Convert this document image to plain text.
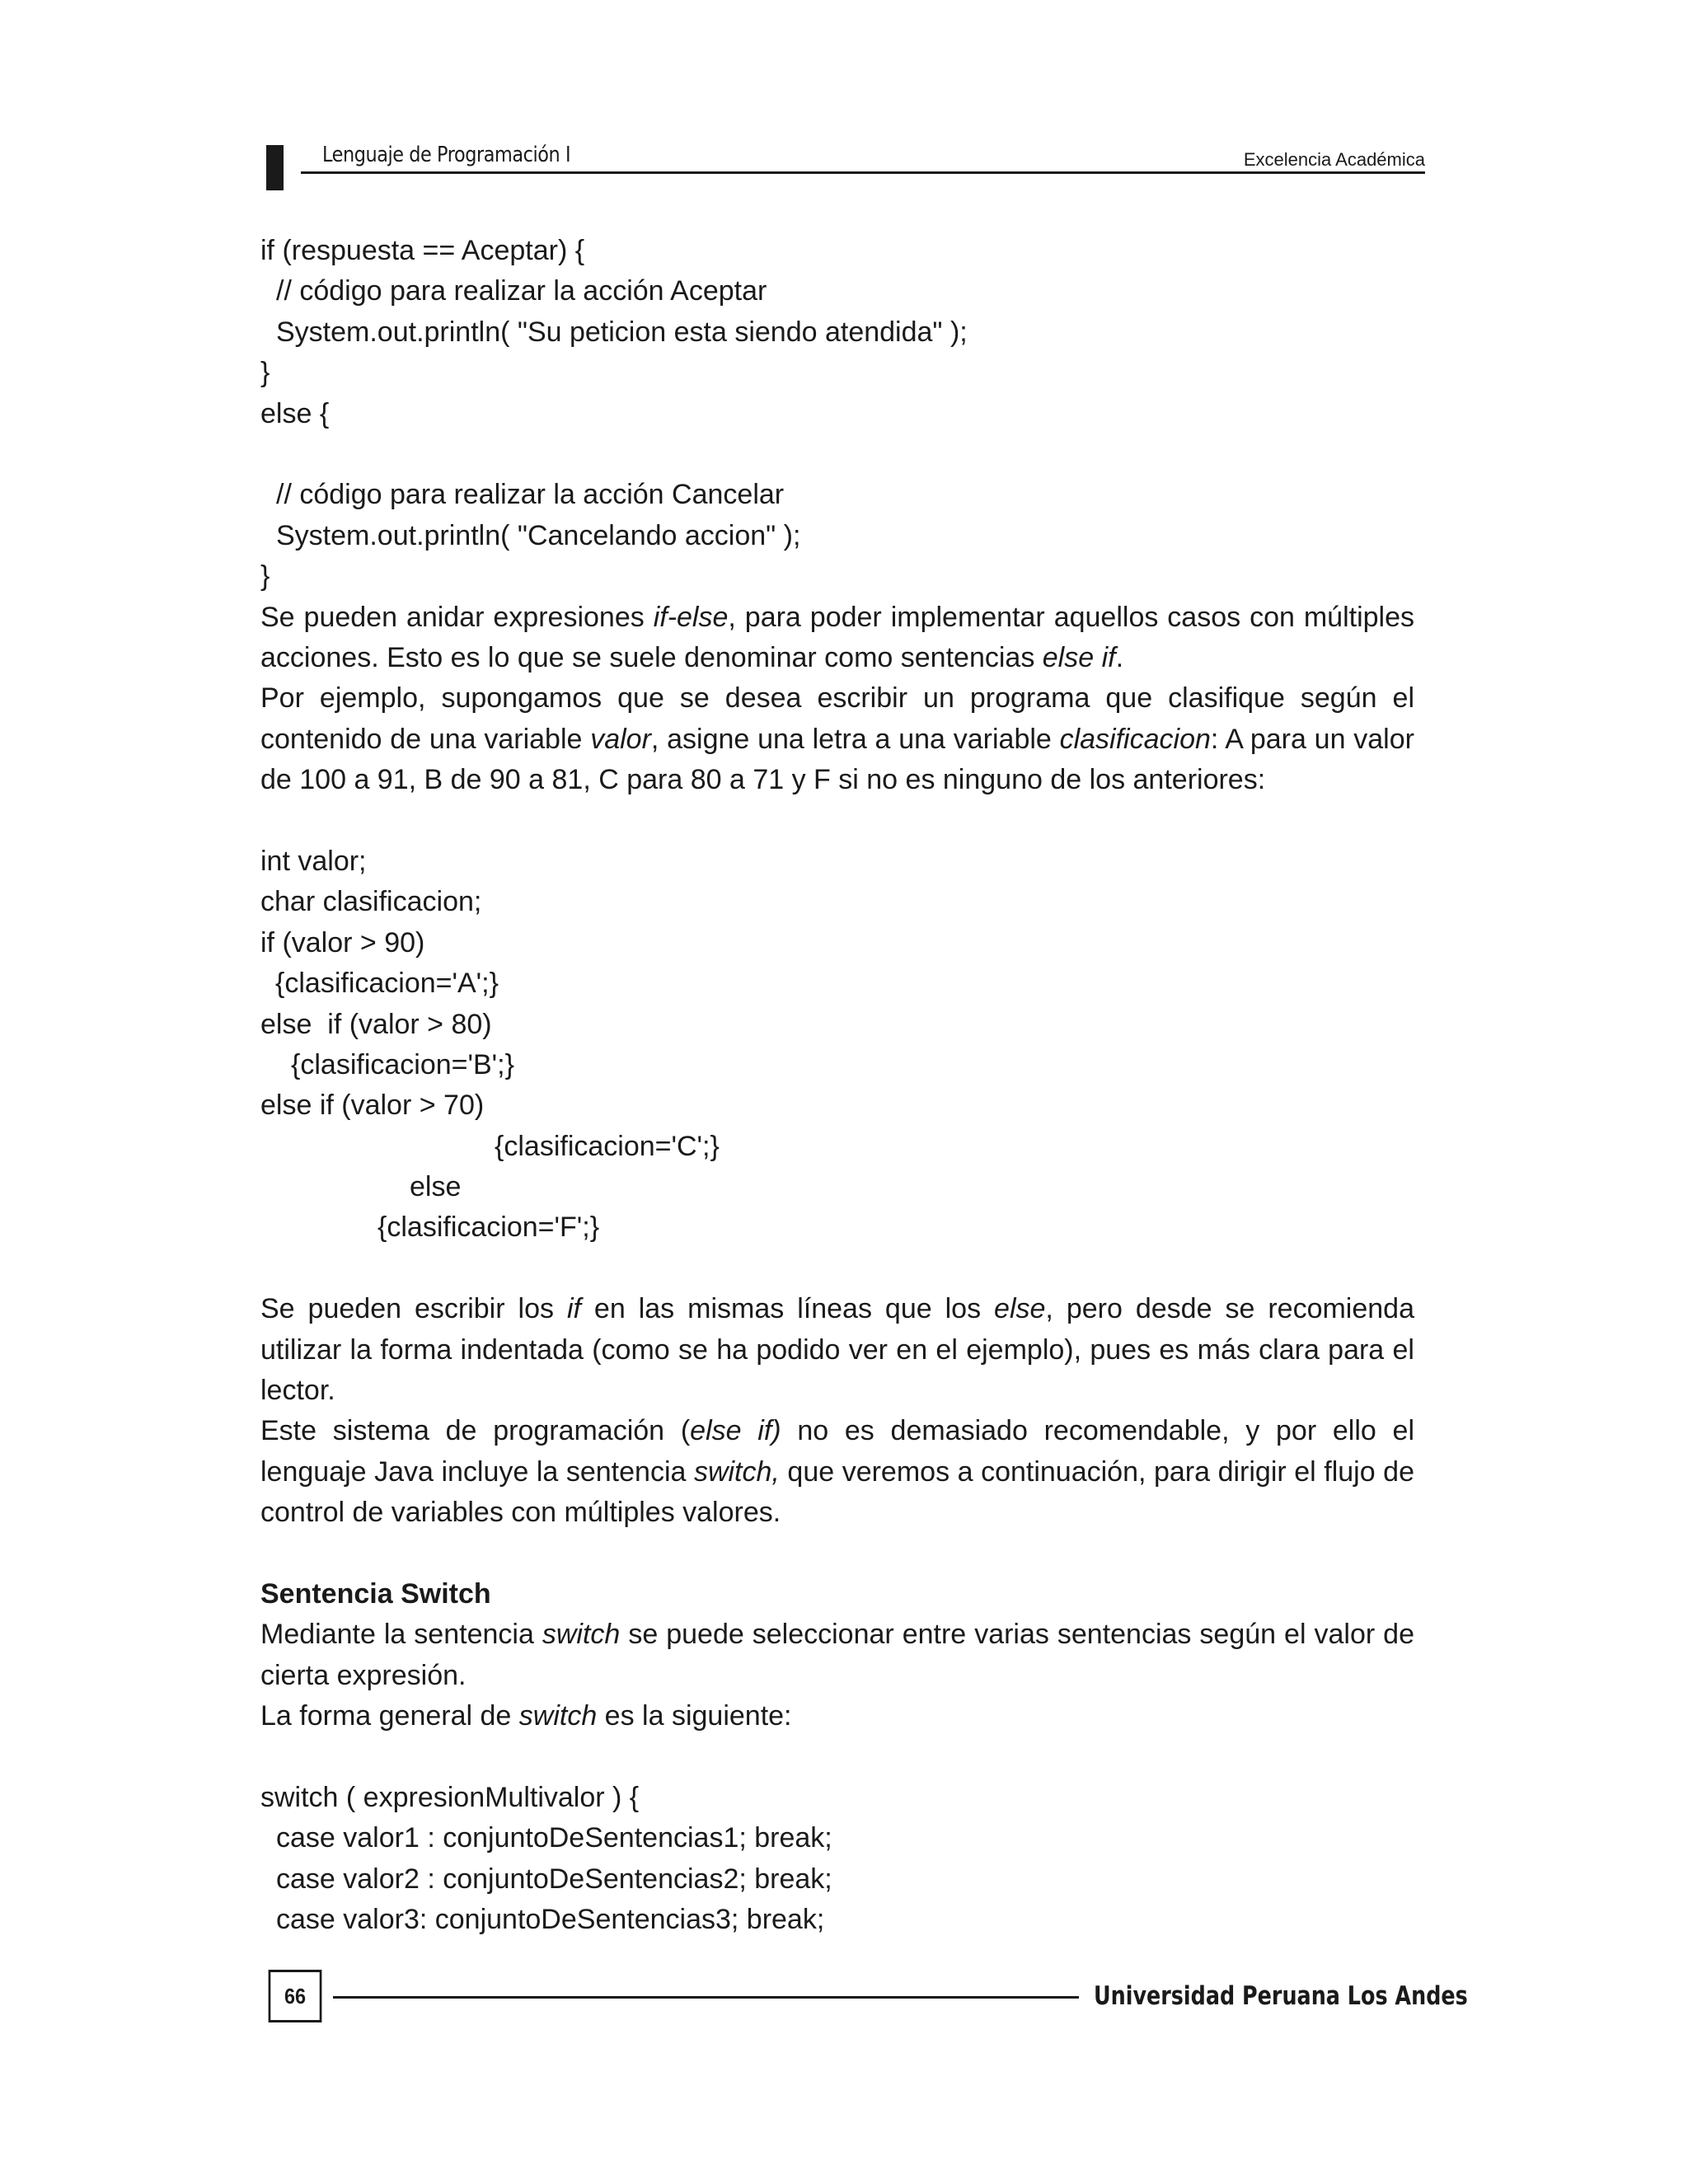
Lenguaje de Programación I	Excelencia Académica
if (respuesta == Aceptar) {
// código para realizar la acción Aceptar
System.out.println( "Su peticion esta siendo atendida" );
}
else {
// código para realizar la acción Cancelar
System.out.println( "Cancelando accion" );
}
Se pueden anidar expresiones if-else, para poder implementar aquellos casos con múltiples acciones. Esto es lo que se suele denominar como sentencias else if.
Por ejemplo, supongamos que se desea escribir un programa que clasifique según el contenido de una variable valor, asigne una letra a una variable clasificacion: A para un valor de 100 a 91, B de 90 a 81, C para 80 a 71 y F si no es ninguno de los anteriores:
int valor;
char clasificacion;
if (valor > 90)
{clasificacion='A';}
else  if (valor > 80)
{clasificacion='B';}
else if (valor > 70)
{clasificacion='C';}
else
{clasificacion='F';}
Se pueden escribir los if en las mismas líneas que los else, pero desde se recomienda utilizar la forma indentada (como se ha podido ver en el ejemplo), pues es más clara para el lector.
Este sistema de programación (else if) no es demasiado recomendable, y por ello el lenguaje Java incluye la sentencia switch, que veremos a continuación, para dirigir el flujo de control de variables con múltiples valores.
Sentencia Switch
Mediante la sentencia switch se puede seleccionar entre varias sentencias según el valor de cierta expresión.
La forma general de switch es la siguiente:
switch ( expresionMultivalor ) {
case valor1 : conjuntoDeSentencias1; break;
case valor2 : conjuntoDeSentencias2; break;
case valor3: conjuntoDeSentencias3; break;
66	Universidad Peruana Los Andes
